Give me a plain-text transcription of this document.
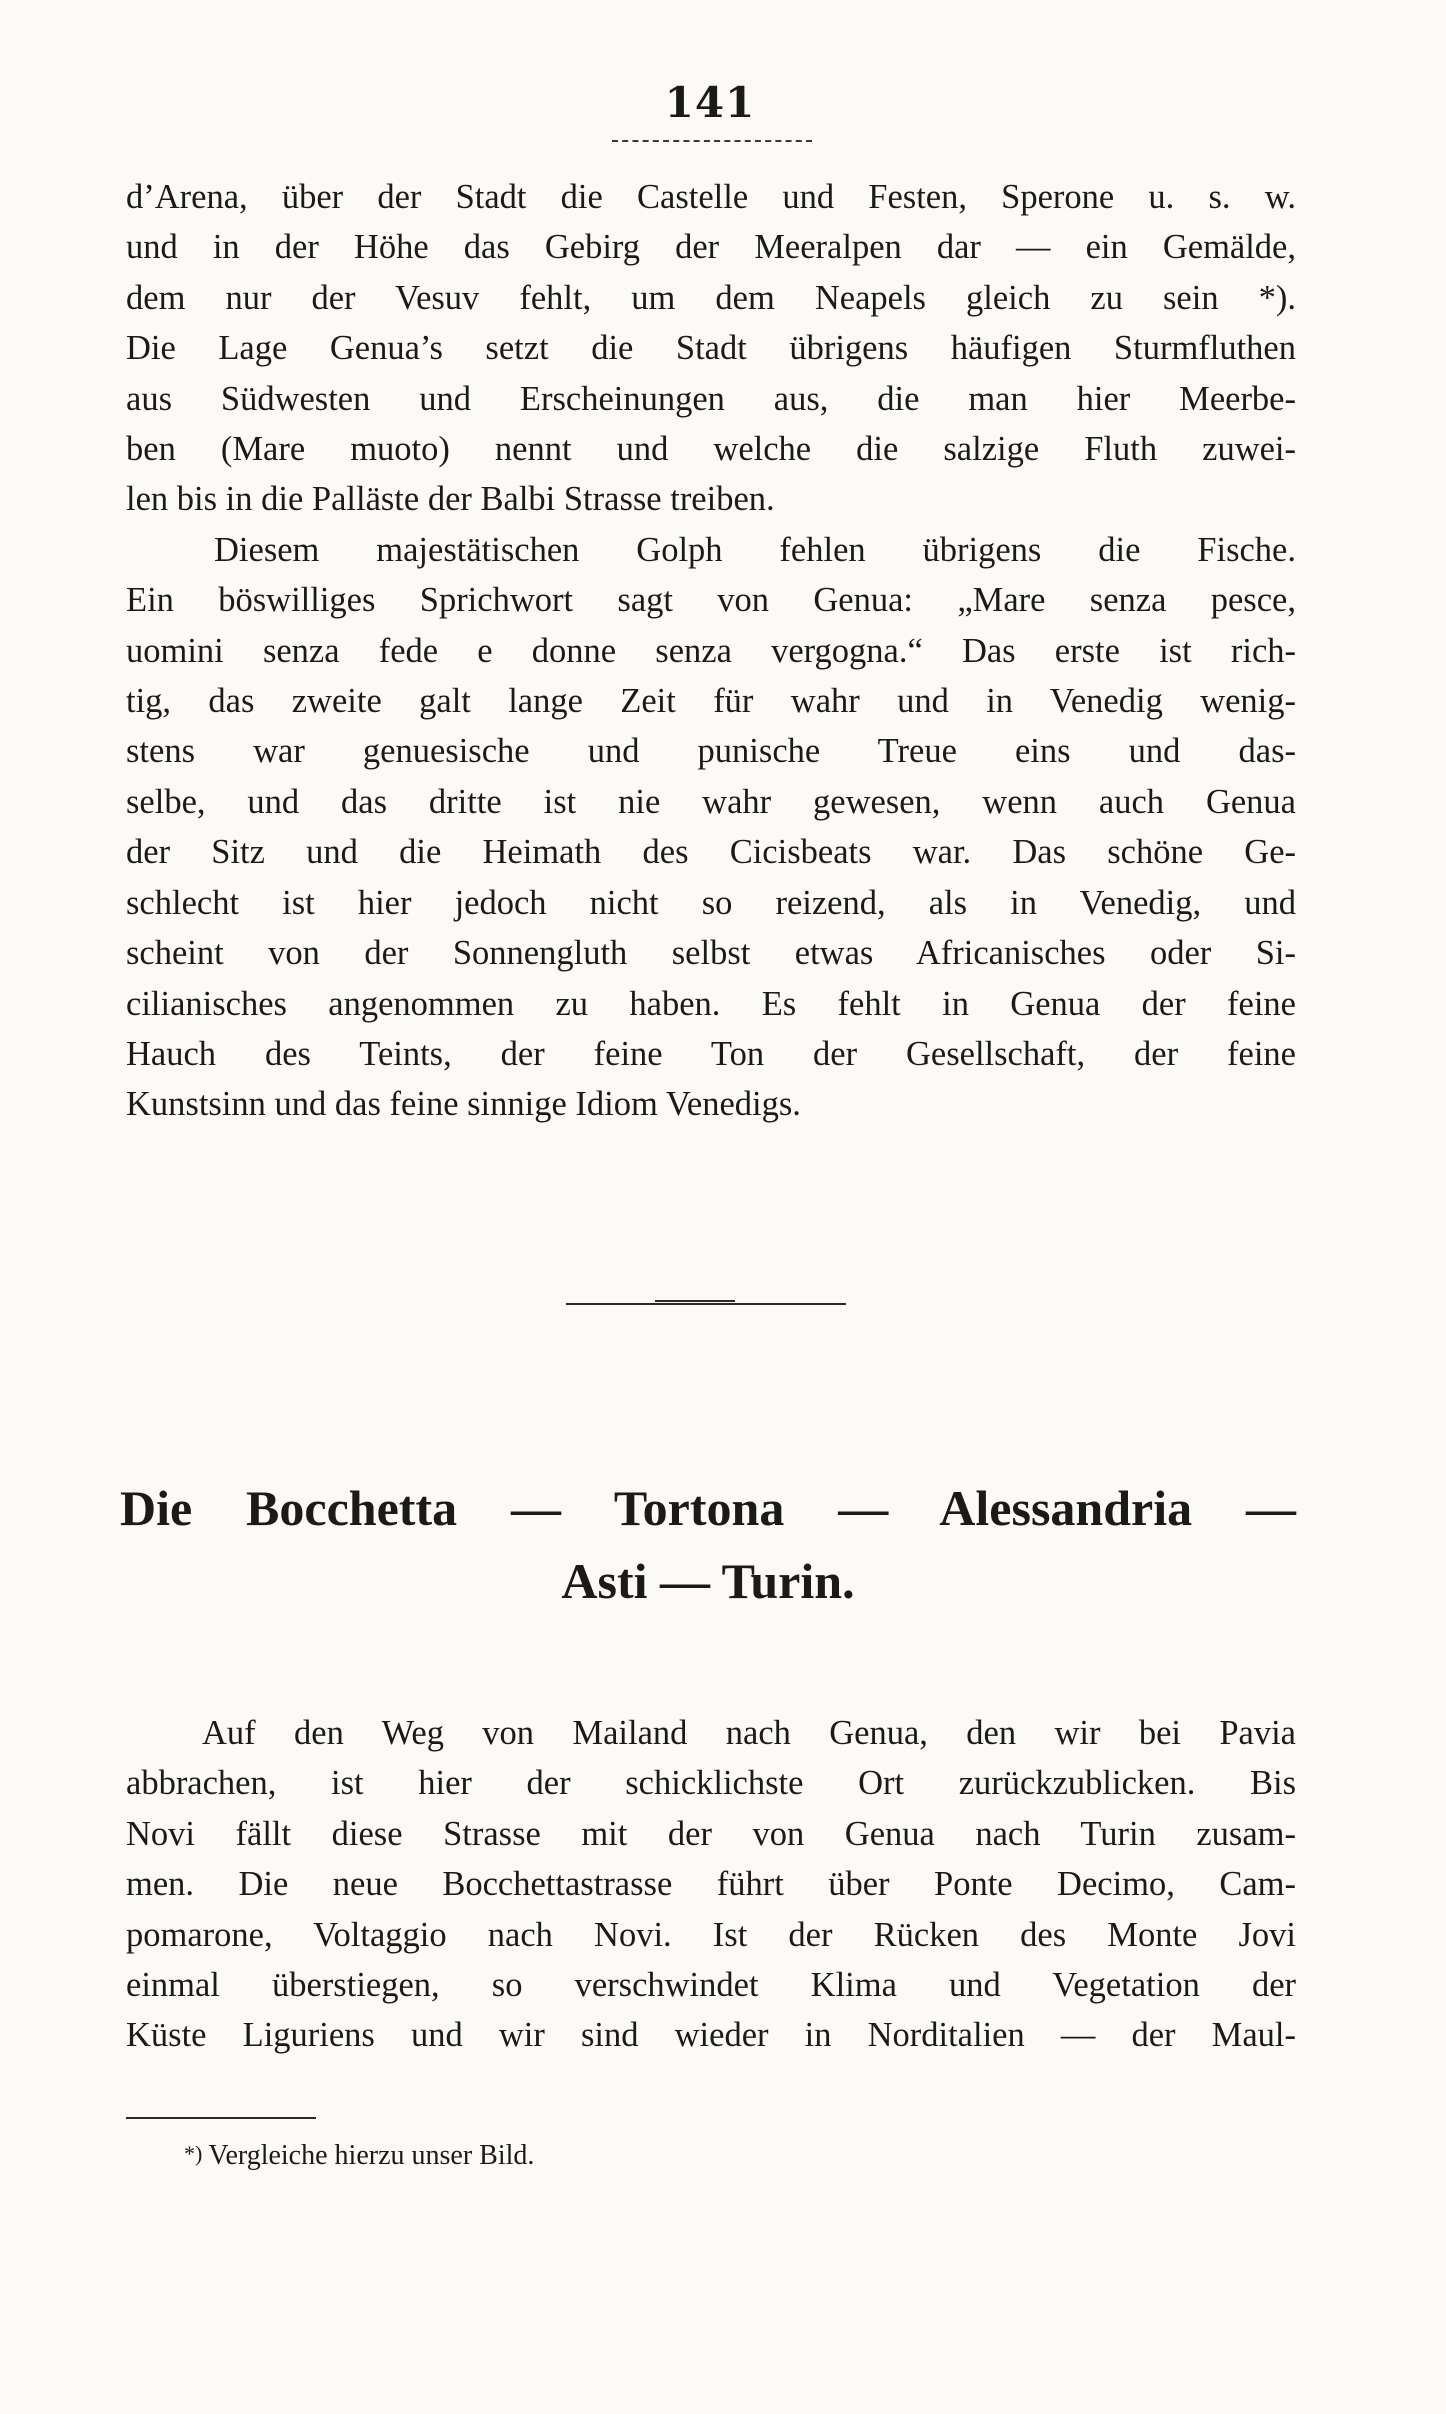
141

d’Arena, über der Stadt die Castelle und Festen, Sperone u. s. w.
und in der Höhe das Gebirg der Meeralpen dar — ein Gemälde,
dem nur der Vesuv fehlt, um dem Neapels gleich zu sein *).
Die Lage Genua’s setzt die Stadt übrigens häufigen Sturmfluthen
aus Südwesten und Erscheinungen aus, die man hier Meerbe-
ben (Mare muoto) nennt und welche die salzige Fluth zuwei-
len bis in die Palläste der Balbi Strasse treiben.

Diesem majestätischen Golph fehlen übrigens die Fische.
Ein böswilliges Sprichwort sagt von Genua: „Mare senza pesce,
uomini senza fede e donne senza vergogna.“ Das erste ist rich-
tig, das zweite galt lange Zeit für wahr und in Venedig wenig-
stens war genuesische und punische Treue eins und das-
selbe, und das dritte ist nie wahr gewesen, wenn auch Genua
der Sitz und die Heimath des Cicisbeats war. Das schöne Ge-
schlecht ist hier jedoch nicht so reizend, als in Venedig, und
scheint von der Sonnengluth selbst etwas Africanisches oder Si-
cilianisches angenommen zu haben. Es fehlt in Genua der feine
Hauch des Teints, der feine Ton der Gesellschaft, der feine
Kunstsinn und das feine sinnige Idiom Venedigs.

Die Bocchetta — Tortona — Alessandria —
Asti — Turin.

Auf den Weg von Mailand nach Genua, den wir bei Pavia
abbrachen, ist hier der schicklichste Ort zurückzublicken. Bis
Novi fällt diese Strasse mit der von Genua nach Turin zusam-
men. Die neue Bocchettastrasse führt über Ponte Decimo, Cam-
pomarone, Voltaggio nach Novi. Ist der Rücken des Monte Jovi
einmal überstiegen, so verschwindet Klima und Vegetation der
Küste Liguriens und wir sind wieder in Norditalien — der Maul-

*) Vergleiche hierzu unser Bild.
